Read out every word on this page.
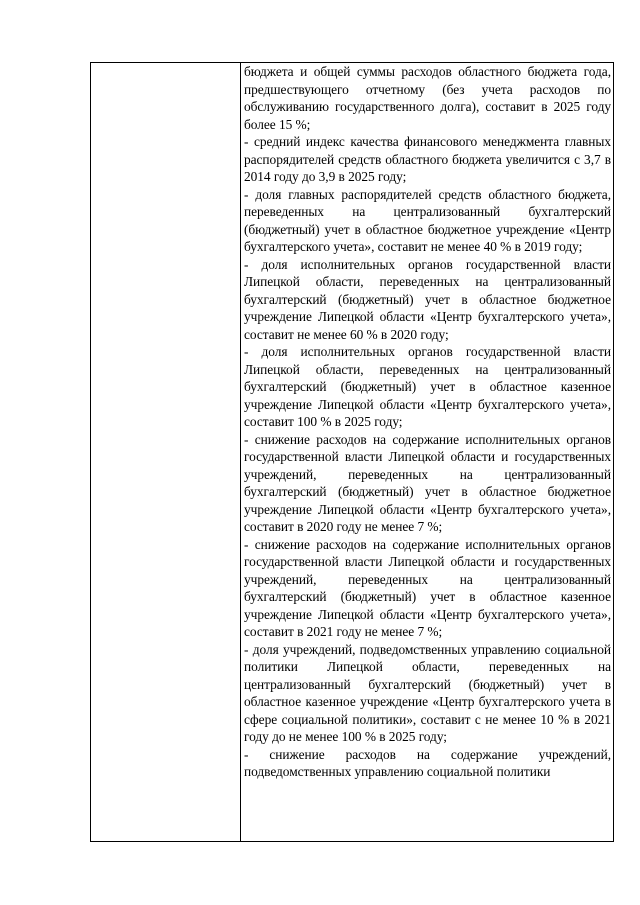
бюджета и общей суммы расходов областного бюджета года, предшествующего отчетному (без учета расходов по обслуживанию государственного долга), составит в 2025 году более 15 %;

- средний индекс качества финансового менеджмента главных распорядителей средств областного бюджета увеличится с 3,7 в 2014 году до 3,9 в 2025 году;

- доля главных распорядителей средств областного бюджета, переведенных на централизованный бухгалтерский (бюджетный) учет в областное бюджетное учреждение «Центр бухгалтерского учета», составит не менее 40 % в 2019 году;

- доля исполнительных органов государственной власти Липецкой области, переведенных на централизованный бухгалтерский (бюджетный) учет в областное бюджетное учреждение Липецкой области «Центр бухгалтерского учета», составит не менее 60 % в 2020 году;

- доля исполнительных органов государственной власти Липецкой области, переведенных на централизованный бухгалтерский (бюджетный) учет в областное казенное учреждение Липецкой области «Центр бухгалтерского учета», составит 100 % в 2025 году;

- снижение расходов на содержание исполнительных органов государственной власти Липецкой области и государственных учреждений, переведенных на централизованный бухгалтерский (бюджетный) учет в областное бюджетное учреждение Липецкой области «Центр бухгалтерского учета», составит в 2020 году не менее 7 %;

- снижение расходов на содержание исполнительных органов государственной власти Липецкой области и государственных учреждений, переведенных на централизованный бухгалтерский (бюджетный) учет в областное казенное учреждение Липецкой области «Центр бухгалтерского учета», составит в 2021 году не менее 7 %;

- доля учреждений, подведомственных управлению социальной политики Липецкой области, переведенных на централизованный бухгалтерский (бюджетный) учет в областное казенное учреждение «Центр бухгалтерского учета в сфере социальной политики», составит с не менее 10 % в 2021 году до не менее 100 % в 2025 году;

- снижение расходов на содержание учреждений, подведомственных управлению социальной политики
